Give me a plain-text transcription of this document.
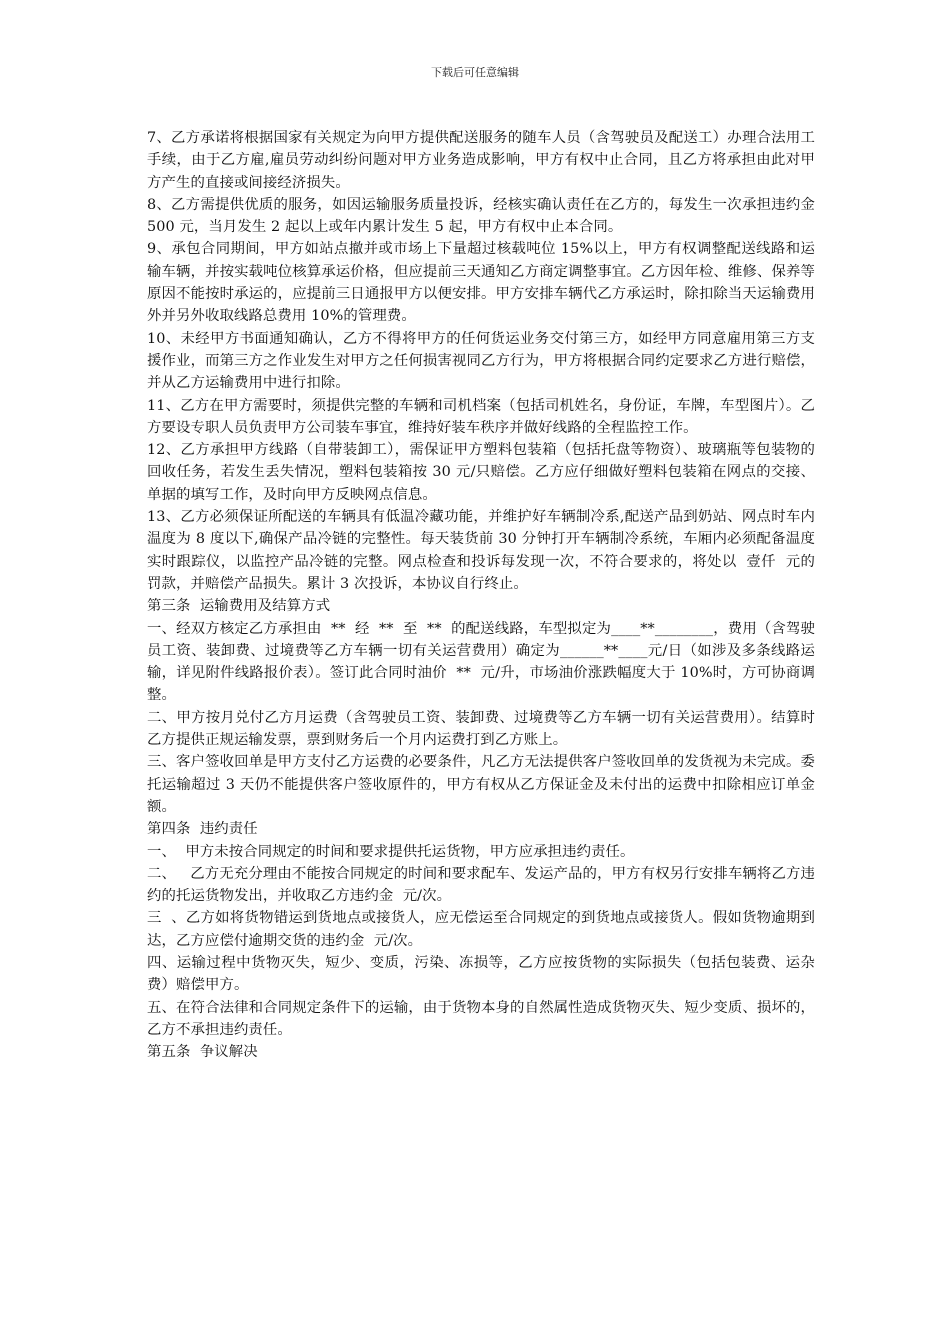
下载后可任意编辑

7、乙方承诺将根据国家有关规定为向甲方提供配送服务的随车人员（含驾驶员及配送工）办理合法用工手续，由于乙方雇,雇员劳动纠纷问题对甲方业务造成影响，甲方有权中止合同，且乙方将承担由此对甲方产生的直接或间接经济损失。

8、乙方需提供优质的服务，如因运输服务质量投诉，经核实确认责任在乙方的，每发生一次承担违约金 500 元，当月发生 2 起以上或年内累计发生 5 起，甲方有权中止本合同。

9、承包合同期间，甲方如站点撤并或市场上下量超过核载吨位 15%以上，甲方有权调整配送线路和运输车辆，并按实载吨位核算承运价格，但应提前三天通知乙方商定调整事宜。乙方因年检、维修、保养等原因不能按时承运的，应提前三日通报甲方以便安排。甲方安排车辆代乙方承运时，除扣除当天运输费用外并另外收取线路总费用 10%的管理费。

10、未经甲方书面通知确认，乙方不得将甲方的任何货运业务交付第三方，如经甲方同意雇用第三方支援作业，而第三方之作业发生对甲方之任何损害视同乙方行为，甲方将根据合同约定要求乙方进行赔偿，并从乙方运输费用中进行扣除。

11、乙方在甲方需要时，须提供完整的车辆和司机档案（包括司机姓名，身份证，车牌，车型图片）。乙方要设专职人员负责甲方公司装车事宜，维持好装车秩序并做好线路的全程监控工作。

12、乙方承担甲方线路（自带装卸工），需保证甲方塑料包装箱（包括托盘等物资）、玻璃瓶等包装物的回收任务，若发生丢失情况，塑料包装箱按 30 元/只赔偿。乙方应仔细做好塑料包装箱在网点的交接、单据的填写工作，及时向甲方反映网点信息。

13、乙方必须保证所配送的车辆具有低温冷藏功能，并维护好车辆制冷系,配送产品到奶站、网点时车内温度为 8 度以下,确保产品冷链的完整性。每天装货前 30 分钟打开车辆制冷系统，车厢内必须配备温度实时跟踪仪，以监控产品冷链的完整。网点检查和投诉每发现一次，不符合要求的，将处以  壹仟  元的罚款，并赔偿产品损失。累计 3 次投诉，本协议自行终止。

第三条  运输费用及结算方式

一、经双方核定乙方承担由  **  经  **  至  **  的配送线路，车型拟定为____**________，费用（含驾驶员工资、装卸费、过境费等乙方车辆一切有关运营费用）确定为______**____元/日（如涉及多条线路运输，详见附件线路报价表）。签订此合同时油价  **  元/升，市场油价涨跌幅度大于 10%时，方可协商调整。

二、甲方按月兑付乙方月运费（含驾驶员工资、装卸费、过境费等乙方车辆一切有关运营费用）。结算时乙方提供正规运输发票，票到财务后一个月内运费打到乙方账上。

三、客户签收回单是甲方支付乙方运费的必要条件，凡乙方无法提供客户签收回单的发货视为未完成。委托运输超过 3 天仍不能提供客户签收原件的，甲方有权从乙方保证金及未付出的运费中扣除相应订单金额。

第四条  违约责任

一、  甲方未按合同规定的时间和要求提供托运货物，甲方应承担违约责任。

二、   乙方无充分理由不能按合同规定的时间和要求配车、发运产品的，甲方有权另行安排车辆将乙方违约的托运货物发出，并收取乙方违约金  元/次。

三  、乙方如将货物错运到货地点或接货人，应无偿运至合同规定的到货地点或接货人。假如货物逾期到达，乙方应偿付逾期交货的违约金  元/次。

四、运输过程中货物灭失，短少、变质，污染、冻损等，乙方应按货物的实际损失（包括包装费、运杂费）赔偿甲方。

五、在符合法律和合同规定条件下的运输，由于货物本身的自然属性造成货物灭失、短少变质、损坏的，乙方不承担违约责任。

第五条  争议解决
